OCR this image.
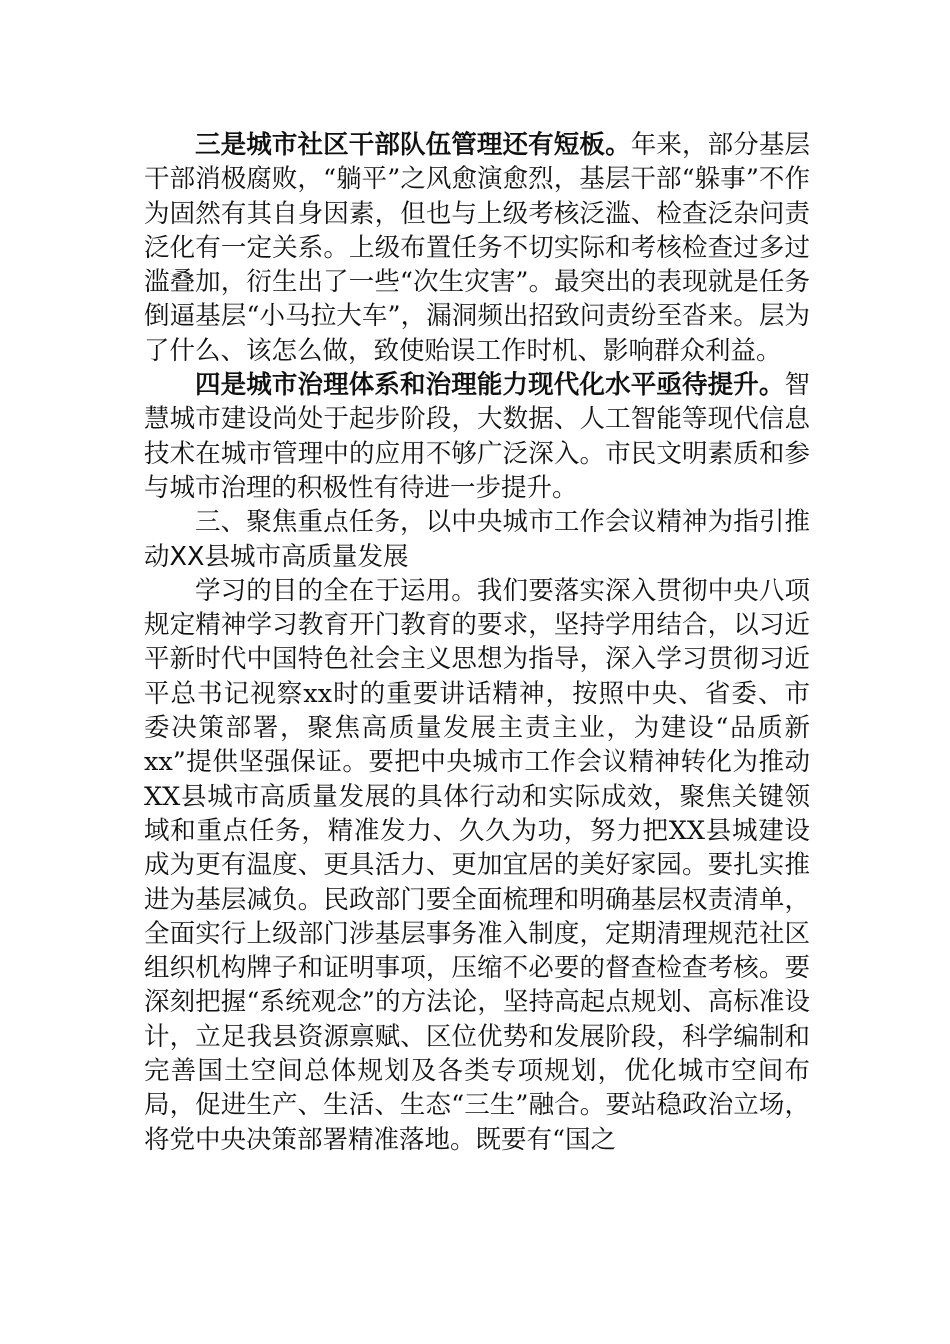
三是城市社区干部队伍管理还有短板。年来，部分基层干部消极腐败，“躺平”之风愈演愈烈，基层干部“躲事”不作为固然有其自身因素，但也与上级考核泛滥、检查泛杂问责泛化有一定关系。上级布置任务不切实际和考核检查过多过滥叠加，衍生出了一些“次生灾害”。最突出的表现就是任务倒逼基层“小马拉大车”，漏洞频出招致问责纷至沓来。层为了什么、该怎么做，致使贻误工作时机、影响群众利益。

四是城市治理体系和治理能力现代化水平亟待提升。智慧城市建设尚处于起步阶段，大数据、人工智能等现代信息技术在城市管理中的应用不够广泛深入。市民文明素质和参与城市治理的积极性有待进一步提升。

三、聚焦重点任务，以中央城市工作会议精神为指引推动XX县城市高质量发展

学习的目的全在于运用。我们要落实深入贯彻中央八项规定精神学习教育开门教育的要求，坚持学用结合，以习近平新时代中国特色社会主义思想为指导，深入学习贯彻习近平总书记视察xx时的重要讲话精神，按照中央、省委、市委决策部署，聚焦高质量发展主责主业，为建设“品质新xx”提供坚强保证。要把中央城市工作会议精神转化为推动XX县城市高质量发展的具体行动和实际成效，聚焦关键领域和重点任务，精准发力、久久为功，努力把XX县城建设成为更有温度、更具活力、更加宜居的美好家园。要扎实推进为基层减负。民政部门要全面梳理和明确基层权责清单，全面实行上级部门涉基层事务准入制度，定期清理规范社区组织机构牌子和证明事项，压缩不必要的督查检查考核。要深刻把握“系统观念”的方法论，坚持高起点规划、高标准设计，立足我县资源禀赋、区位优势和发展阶段，科学编制和完善国土空间总体规划及各类专项规划，优化城市空间布局，促进生产、生活、生态“三生”融合。要站稳政治立场，将党中央决策部署精准落地。既要有“国之
